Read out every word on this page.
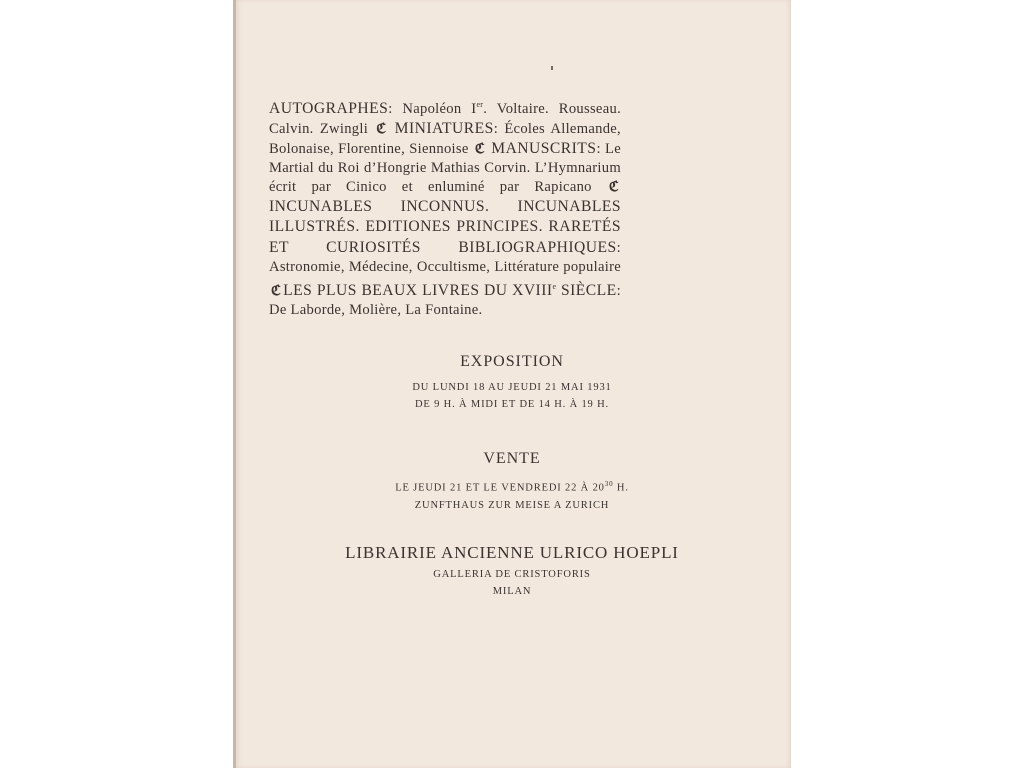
AUTOGRAPHES: Napoléon Ier. Voltaire. Rousseau. Calvin. Zwingli ℭ MINIATURES: Écoles Allemande, Bolonaise, Florentine, Siennoise ℭ MANUSCRITS: Le Martial du Roi d’Hongrie Mathias Corvin. L’Hymnarium écrit par Cinico et enluminé par Rapicano ℭ INCUNABLES INCONNUS. INCUNABLES ILLUSTRÉS. EDITIONES PRINCIPES. RARETÉS ET CURIOSITÉS BIBLIOGRAPHIQUES: Astronomie, Médecine, Occultisme, Littérature populaire ℭ LES PLUS BEAUX LIVRES DU XVIIIe SIÈCLE: De Laborde, Molière, La Fontaine.
EXPOSITION
DU LUNDI 18 AU JEUDI 21 MAI 1931
DE 9 H. À MIDI ET DE 14 H. À 19 H.
VENTE
LE JEUDI 21 ET LE VENDREDI 22 À $20^{30}$ H.
ZUNFTHAUS ZUR MEISE A ZURICH
LIBRAIRIE ANCIENNE ULRICO HOEPLI
GALLERIA DE CRISTOFORIS
MILAN
